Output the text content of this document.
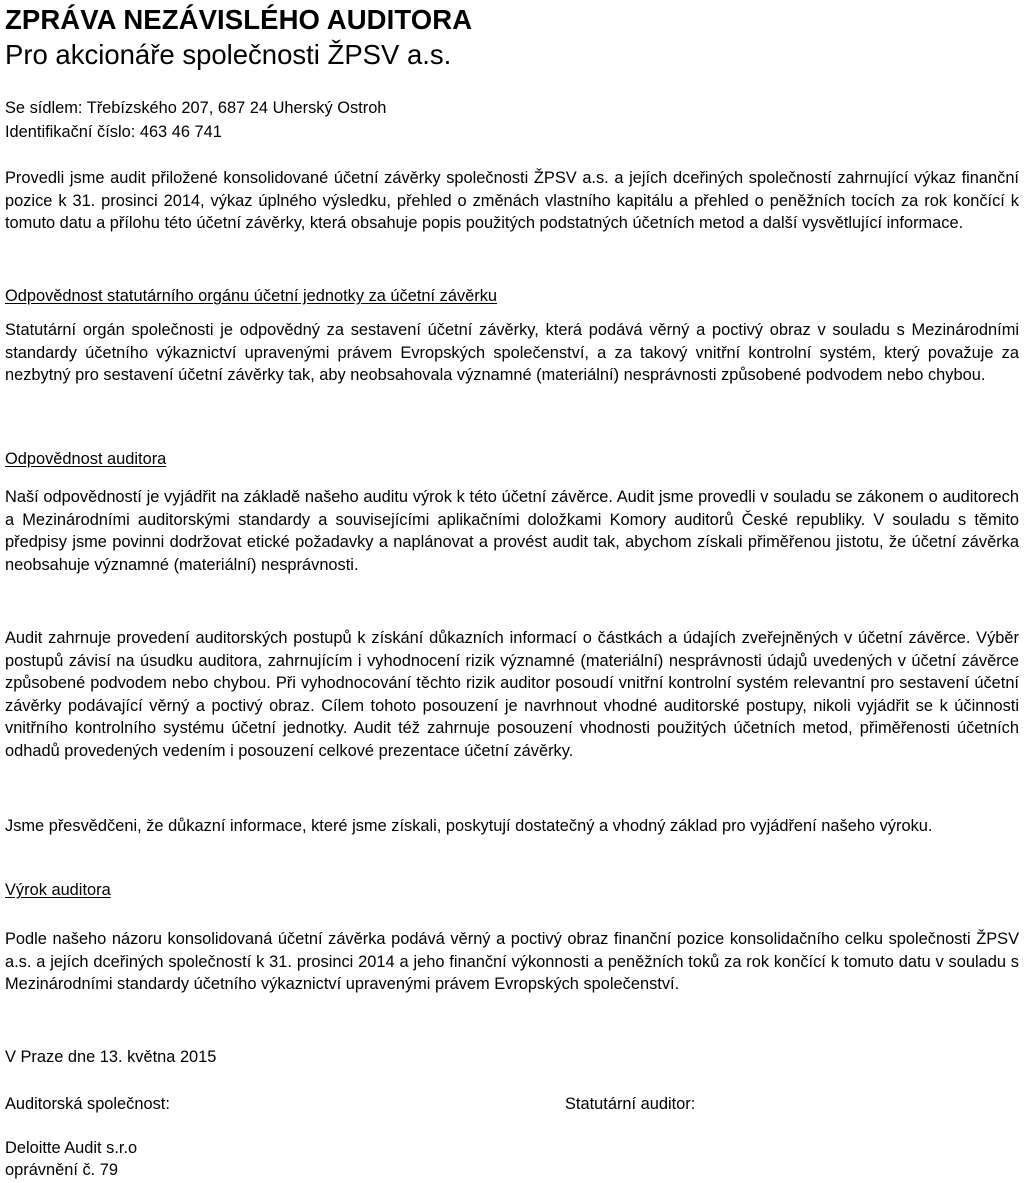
ZPRÁVA NEZÁVISLÉHO AUDITORA
Pro akcionáře společnosti ŽPSV a.s.

Se sídlem: Třebízského 207, 687 24 Uherský Ostroh

Identifikační číslo: 463 46 741

Provedli jsme audit přiložené konsolidované účetní závěrky společnosti ŽPSV a.s. a jejích dceřiných společností zahrnující výkaz finanční pozice k 31. prosinci 2014, výkaz úplného výsledku, přehled o změnách vlastního kapitálu a přehled o peněžních tocích za rok končící k tomuto datu a přílohu této účetní závěrky, která obsahuje popis použitých podstatných účetních metod a další vysvětlující informace.

Odpovědnost statutárního orgánu účetní jednotky za účetní závěrku

Statutární orgán společnosti je odpovědný za sestavení účetní závěrky, která podává věrný a poctivý obraz v souladu s Mezinárodními standardy účetního výkaznictví upravenými právem Evropských společenství, a za takový vnitřní kontrolní systém, který považuje za nezbytný pro sestavení účetní závěrky tak, aby neobsahovala významné (materiální) nesprávnosti způsobené podvodem nebo chybou.

Odpovědnost auditora

Naší odpovědností je vyjádřit na základě našeho auditu výrok k této účetní závěrce. Audit jsme provedli v souladu se zákonem o auditorech a Mezinárodními auditorskými standardy a souvisejícími aplikačními doložkami Komory auditorů České republiky. V souladu s těmito předpisy jsme povinni dodržovat etické požadavky a naplánovat a provést audit tak, abychom získali přiměřenou jistotu, že účetní závěrka neobsahuje významné (materiální) nesprávnosti.

Audit zahrnuje provedení auditorských postupů k získání důkazních informací o částkách a údajích zveřejněných v účetní závěrce. Výběr postupů závisí na úsudku auditora, zahrnujícím i vyhodnocení rizik významné (materiální) nesprávnosti údajů uvedených v účetní závěrce způsobené podvodem nebo chybou. Při vyhodnocování těchto rizik auditor posoudí vnitřní kontrolní systém relevantní pro sestavení účetní závěrky podávající věrný a poctivý obraz. Cílem tohoto posouzení je navrhnout vhodné auditorské postupy, nikoli vyjádřit se k účinnosti vnitřního kontrolního systému účetní jednotky. Audit též zahrnuje posouzení vhodnosti použitých účetních metod, přiměřenosti účetních odhadů provedených vedením i posouzení celkové prezentace účetní závěrky.

Jsme přesvědčeni, že důkazní informace, které jsme získali, poskytují dostatečný a vhodný základ pro vyjádření našeho výroku.

Výrok auditora

Podle našeho názoru konsolidovaná účetní závěrka podává věrný a poctivý obraz finanční pozice konsolidačního celku společnosti ŽPSV a.s. a jejích dceřiných společností k 31. prosinci 2014 a jeho finanční výkonnosti a peněžních toků za rok končící k tomuto datu v souladu s Mezinárodními standardy účetního výkaznictví upravenými právem Evropských společenství.

V Praze dne 13. května 2015

Auditorská společnost:	Statutární auditor:

Deloitte Audit s.r.o

oprávnění č. 79
